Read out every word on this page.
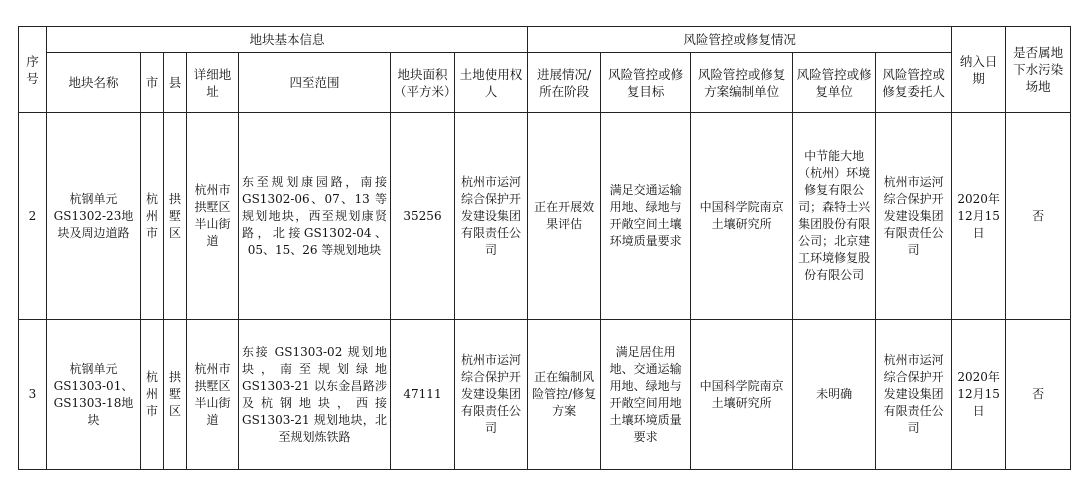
序号	地块基本信息							风险管控或修复情况					纳入日期	是否属地下水污染场地
	地块名称	市	县	详细地址	四至范围	地块面积（平方米）	土地使用权人	进展情况/所在阶段	风险管控或修复目标	风险管控或修复方案编制单位	风险管控或修复单位	风险管控或修复委托人		
2	杭钢单元GS1302-23地块及周边道路	杭州市	拱墅区	杭州市拱墅区半山街道	东至规划康园路，南接 GS1302-06、07、13 等规划地块，西至规划康贤路，北接GS1302-04、05、15、26 等规划地块	35256	杭州市运河综合保护开发建设集团有限责任公司	正在开展效果评估	满足交通运输用地、绿地与开敞空间土壤环境质量要求	中国科学院南京土壤研究所	中节能大地（杭州）环境修复有限公司；森特士兴集团股份有限公司；北京建工环境修复股份有限公司	杭州市运河综合保护开发建设集团有限责任公司	2020年12月15日	否
3	杭钢单元GS1303-01、GS1303-18地块	杭州市	拱墅区	杭州市拱墅区半山街道	东接 GS1303-02 规划地块，南至规划绿地GS1303-21 以东金昌路涉及杭钢地块，西接 GS1303-21 规划地块，北至规划炼铁路	47111	杭州市运河综合保护开发建设集团有限责任公司	正在编制风险管控/修复方案	满足居住用地、交通运输用地、绿地与开敞空间用地土壤环境质量要求	中国科学院南京土壤研究所	未明确	杭州市运河综合保护开发建设集团有限责任公司	2020年12月15日	否
